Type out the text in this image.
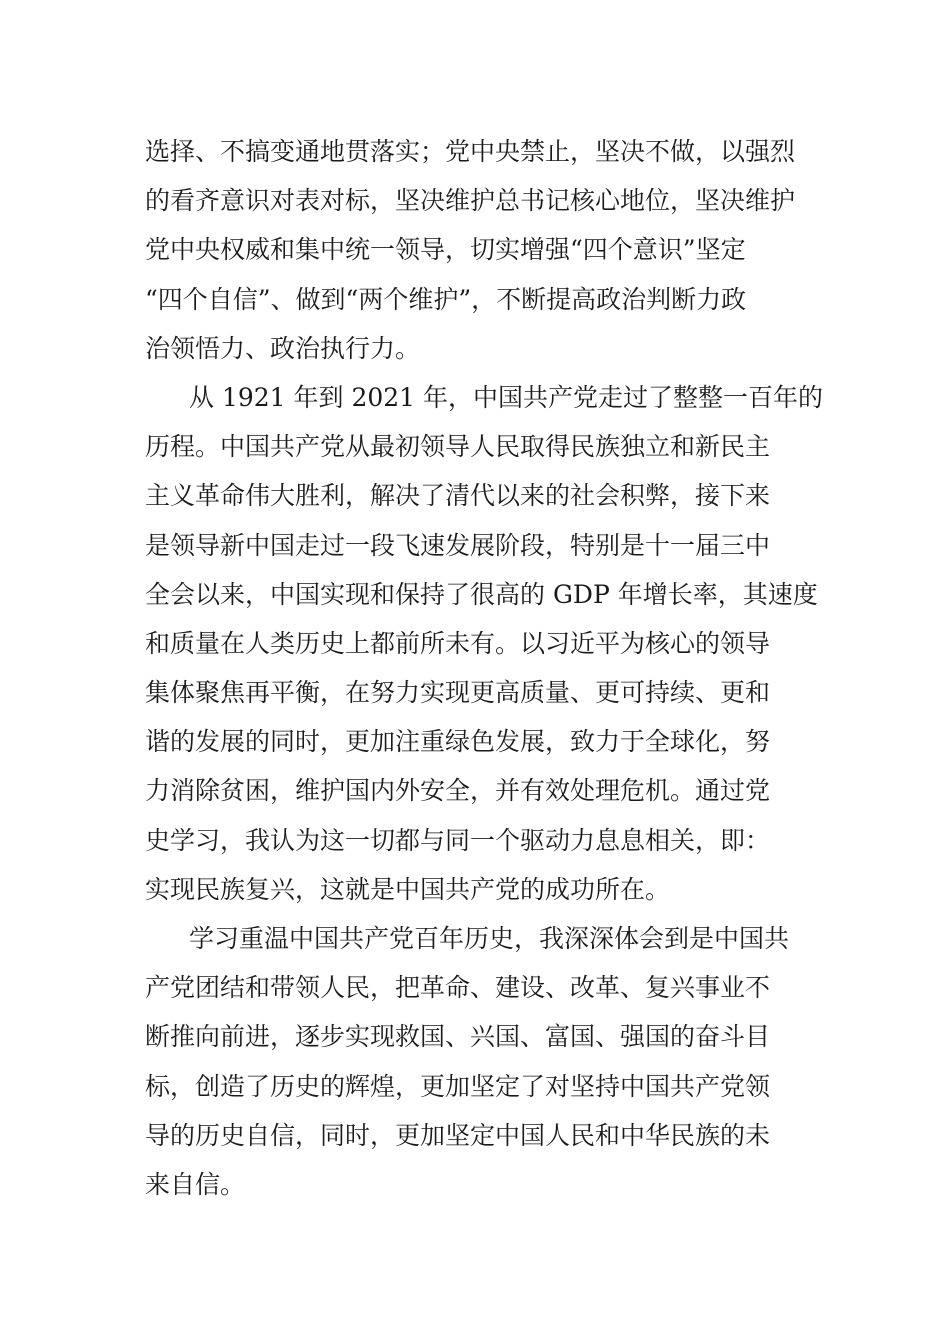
选择、不搞变通地贯落实；党中央禁止，坚决不做，以强烈
的看齐意识对表对标，坚决维护总书记核心地位，坚决维护
党中央权威和集中统一领导，切实增强“四个意识”坚定
“四个自信”、做到“两个维护”，不断提高政治判断力政
治领悟力、政治执行力。
从 1921 年到 2021 年，中国共产党走过了整整一百年的
历程。中国共产党从最初领导人民取得民族独立和新民主
主义革命伟大胜利，解决了清代以来的社会积弊，接下来
是领导新中国走过一段飞速发展阶段，特别是十一届三中
全会以来，中国实现和保持了很高的 GDP 年增长率，其速度
和质量在人类历史上都前所未有。以习近平为核心的领导
集体聚焦再平衡，在努力实现更高质量、更可持续、更和
谐的发展的同时，更加注重绿色发展，致力于全球化，努
力消除贫困，维护国内外安全，并有效处理危机。通过党
史学习，我认为这一切都与同一个驱动力息息相关，即：
实现民族复兴，这就是中国共产党的成功所在。
学习重温中国共产党百年历史，我深深体会到是中国共
产党团结和带领人民，把革命、建设、改革、复兴事业不
断推向前进，逐步实现救国、兴国、富国、强国的奋斗目
标，创造了历史的辉煌，更加坚定了对坚持中国共产党领
导的历史自信，同时，更加坚定中国人民和中华民族的未
来自信。
